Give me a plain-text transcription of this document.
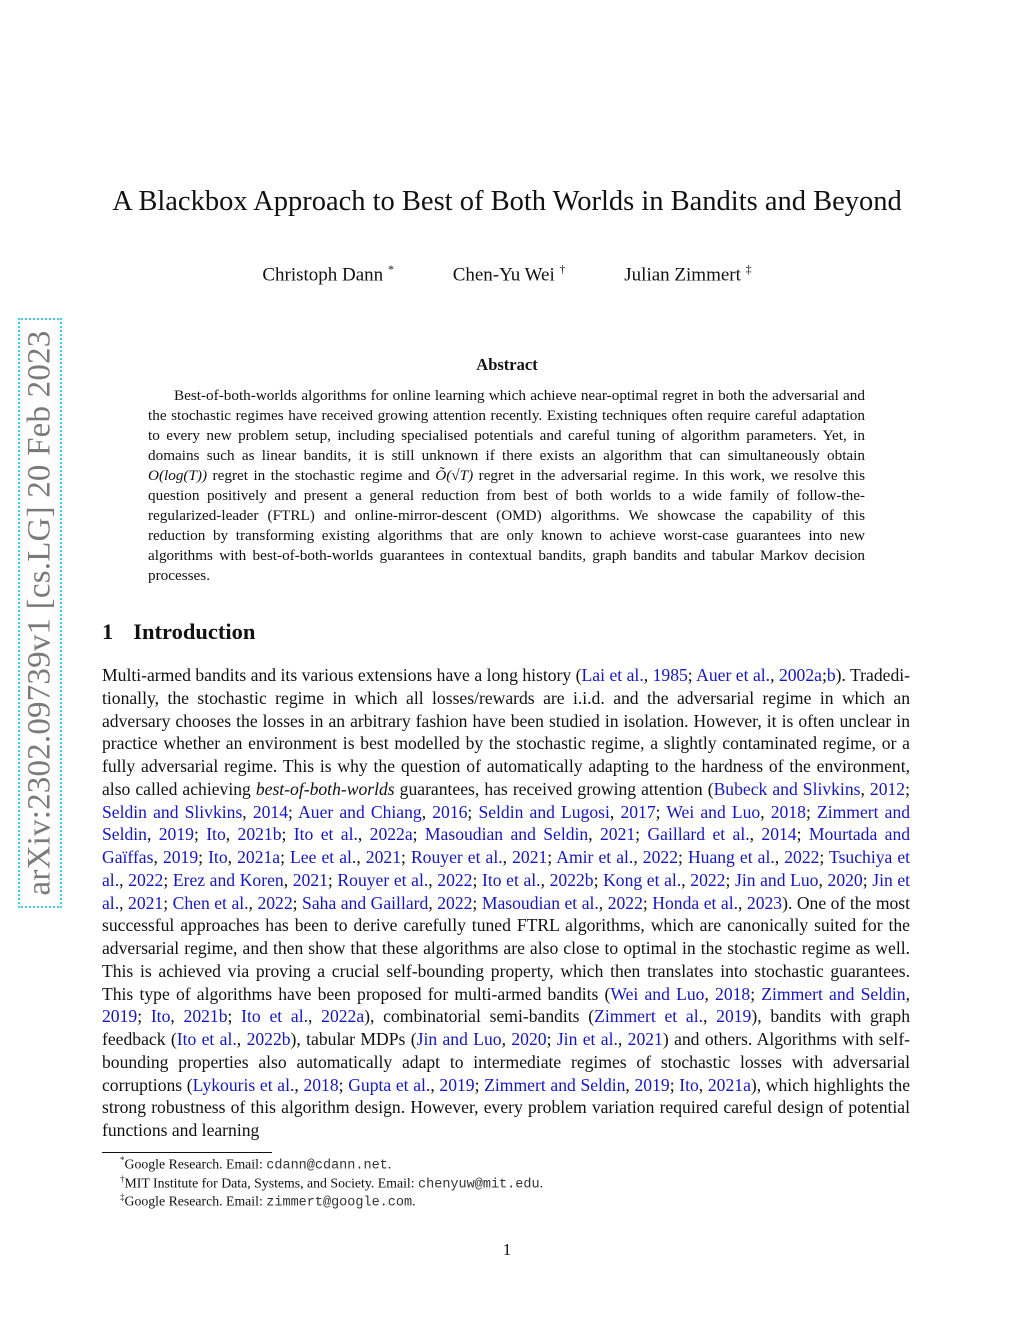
arXiv:2302.09739v1 [cs.LG] 20 Feb 2023
A Blackbox Approach to Best of Both Worlds in Bandits and Beyond
Christoph Dann *	Chen-Yu Wei †	Julian Zimmert ‡
Abstract
Best-of-both-worlds algorithms for online learning which achieve near-optimal regret in both the adversarial and the stochastic regimes have received growing attention recently. Existing techniques often require careful adaptation to every new problem setup, including specialised potentials and careful tuning of algorithm parameters. Yet, in domains such as linear bandits, it is still unknown if there exists an algorithm that can simultaneously obtain O(log(T)) regret in the stochastic regime and Õ(√T) regret in the adversarial regime. In this work, we resolve this question positively and present a general reduction from best of both worlds to a wide family of follow-the-regularized-leader (FTRL) and online-mirror-descent (OMD) algorithms. We showcase the capability of this reduction by transforming existing algorithms that are only known to achieve worst-case guarantees into new algorithms with best-of-both-worlds guarantees in contextual bandits, graph bandits and tabular Markov decision processes.
1 Introduction
Multi-armed bandits and its various extensions have a long history (Lai et al., 1985; Auer et al., 2002a;b). Tradeditionally, the stochastic regime in which all losses/rewards are i.i.d. and the adversarial regime in which an adversary chooses the losses in an arbitrary fashion have been studied in isolation. However, it is often unclear in practice whether an environment is best modelled by the stochastic regime, a slightly contaminated regime, or a fully adversarial regime. This is why the question of automatically adapting to the hardness of the environment, also called achieving best-of-both-worlds guarantees, has received growing attention (Bubeck and Slivkins, 2012; Seldin and Slivkins, 2014; Auer and Chiang, 2016; Seldin and Lugosi, 2017; Wei and Luo, 2018; Zimmert and Seldin, 2019; Ito, 2021b; Ito et al., 2022a; Masoudian and Seldin, 2021; Gaillard et al., 2014; Mourtada and Gaïffas, 2019; Ito, 2021a; Lee et al., 2021; Rouyer et al., 2021; Amir et al., 2022; Huang et al., 2022; Tsuchiya et al., 2022; Erez and Koren, 2021; Rouyer et al., 2022; Ito et al., 2022b; Kong et al., 2022; Jin and Luo, 2020; Jin et al., 2021; Chen et al., 2022; Saha and Gaillard, 2022; Masoudian et al., 2022; Honda et al., 2023). One of the most successful approaches has been to derive carefully tuned FTRL algorithms, which are canonically suited for the adversarial regime, and then show that these algorithms are also close to optimal in the stochastic regime as well. This is achieved via proving a crucial self-bounding property, which then translates into stochastic guarantees. This type of algorithms have been proposed for multi-armed bandits (Wei and Luo, 2018; Zimmert and Seldin, 2019; Ito, 2021b; Ito et al., 2022a), combinatorial semi-bandits (Zimmert et al., 2019), bandits with graph feedback (Ito et al., 2022b), tabular MDPs (Jin and Luo, 2020; Jin et al., 2021) and others. Algorithms with self-bounding properties also automatically adapt to intermediate regimes of stochastic losses with adversarial corruptions (Lykouris et al., 2018; Gupta et al., 2019; Zimmert and Seldin, 2019; Ito, 2021a), which highlights the strong robustness of this algorithm design. However, every problem variation required careful design of potential functions and learning
*Google Research. Email: cdann@cdann.net.
†MIT Institute for Data, Systems, and Society. Email: chenyuw@mit.edu.
‡Google Research. Email: zimmert@google.com.
1
